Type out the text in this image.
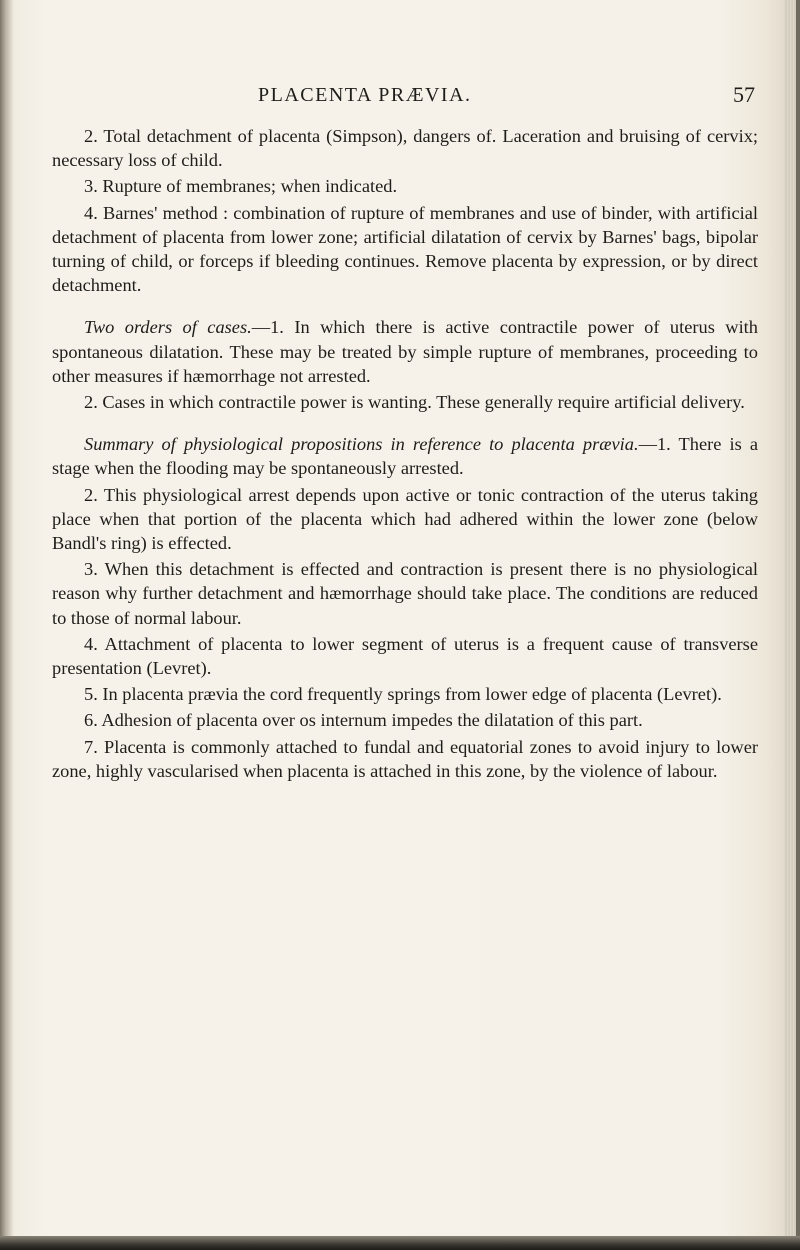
PLACENTA PRÆVIA.	57

2. Total detachment of placenta (Simpson), dangers of. Laceration and bruising of cervix; necessary loss of child.

3. Rupture of membranes; when indicated.

4. Barnes' method : combination of rupture of membranes and use of binder, with artificial detachment of placenta from lower zone; artificial dilatation of cervix by Barnes' bags, bipolar turning of child, or forceps if bleeding continues. Remove placenta by expression, or by direct detachment.

Two orders of cases.—1. In which there is active contractile power of uterus with spontaneous dilatation. These may be treated by simple rupture of membranes, proceeding to other measures if hæmorrhage not arrested.

2. Cases in which contractile power is wanting. These generally require artificial delivery.

Summary of physiological propositions in reference to placenta prævia.—1. There is a stage when the flooding may be spontaneously arrested.

2. This physiological arrest depends upon active or tonic contraction of the uterus taking place when that portion of the placenta which had adhered within the lower zone (below Bandl's ring) is effected.

3. When this detachment is effected and contraction is present there is no physiological reason why further detachment and hæmorrhage should take place. The conditions are reduced to those of normal labour.

4. Attachment of placenta to lower segment of uterus is a frequent cause of transverse presentation (Levret).

5. In placenta prævia the cord frequently springs from lower edge of placenta (Levret).

6. Adhesion of placenta over os internum impedes the dilatation of this part.

7. Placenta is commonly attached to fundal and equatorial zones to avoid injury to lower zone, highly vascularised when placenta is attached in this zone, by the violence of labour.
